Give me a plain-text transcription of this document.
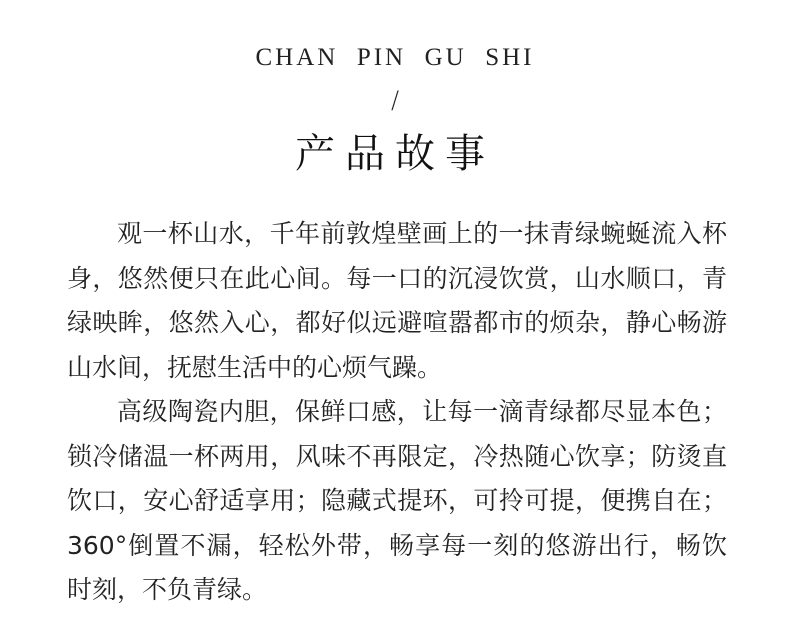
CHAN  PIN  GU  SHI
/
产品故事

观一杯山水，千年前敦煌壁画上的一抹青绿蜿蜒流入杯身，悠然便只在此心间。每一口的沉浸饮赏，山水顺口，青绿映眸，悠然入心，都好似远避喧嚣都市的烦杂，静心畅游山水间，抚慰生活中的心烦气躁。

高级陶瓷内胆，保鲜口感，让每一滴青绿都尽显本色；锁冷储温一杯两用，风味不再限定，冷热随心饮享；防烫直饮口，安心舒适享用；隐藏式提环，可拎可提，便携自在；360°倒置不漏，轻松外带，畅享每一刻的悠游出行，畅饮时刻，不负青绿。
